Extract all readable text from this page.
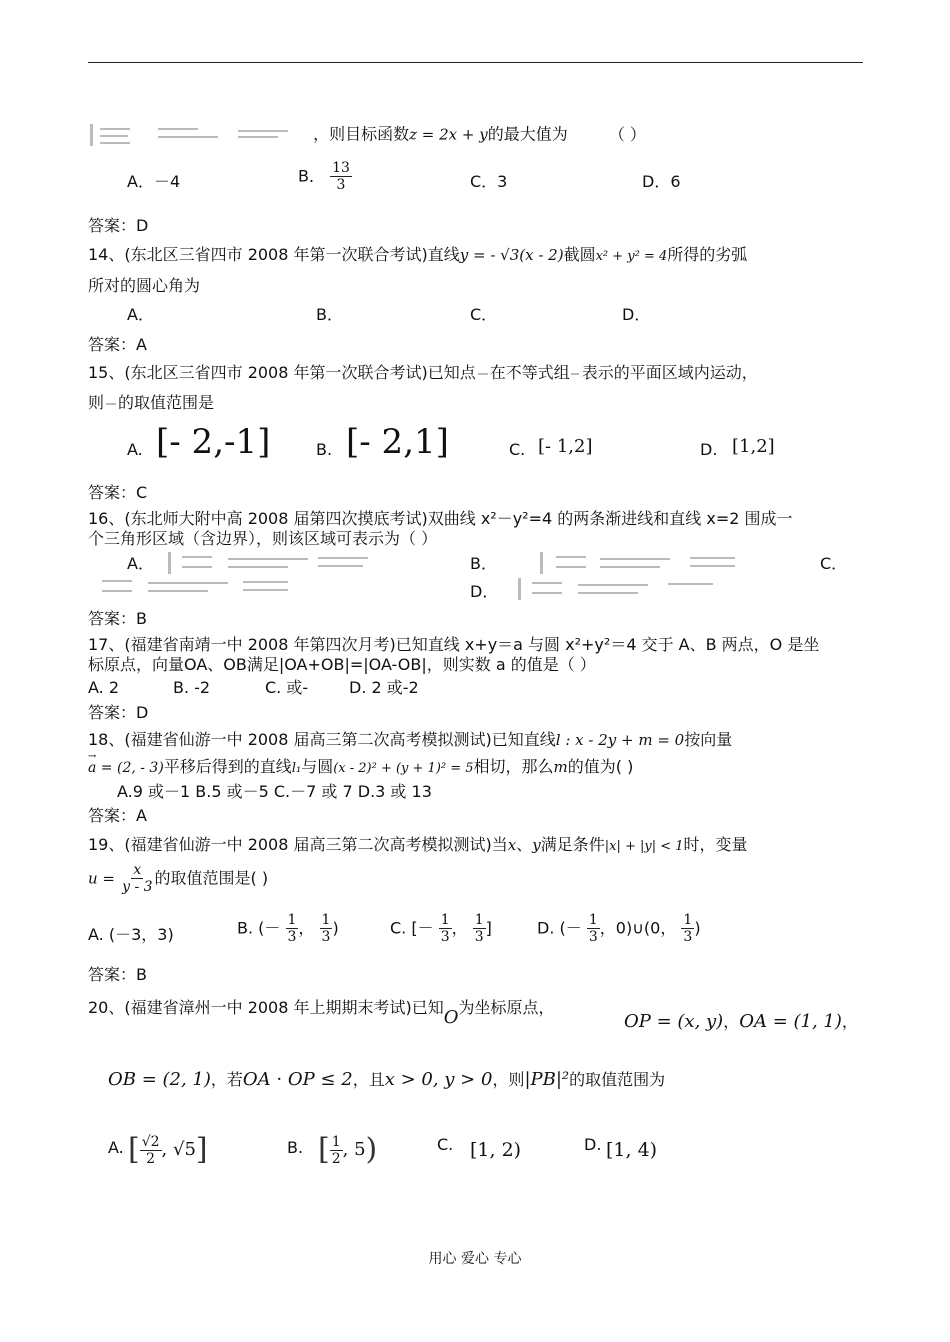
，则目标函数z = 2x + y的最大值为	（ ）
A．－4	B． $\frac{13}{3}$	C．3	D．6
答案：D
14、(东北区三省四市 2008 年第一次联合考试)直线y = - √3(x - 2)截圆x² + y² = 4所得的劣弧
所对的圆心角为
A．	B．	C．	D．
答案：A
15、(东北区三省四市 2008 年第一次联合考试)已知点 在不等式组 表示的平面区域内运动，
则 的取值范围是
A. [- 2,-1]	B. [- 2,1]	C. [- 1,2]	D. [1,2]
答案：C
16、(东北师大附中高 2008 届第四次摸底考试)双曲线 x²－y²=4 的两条渐进线和直线 x=2 围成一
个三角形区域（含边界），则该区域可表示为（ ）
A．	B．	C．
D．
答案：B
17、(福建省南靖一中 2008 年第四次月考)已知直线 x+y＝a 与圆 x²+y²＝4 交于 A、B 两点，O 是坐
标原点，向量OA、OB满足|OA+OB|=|OA-OB|，则实数 a 的值是（ ）
A. 2	B. -2	C. 或-	D. 2 或-2
答案：D
18、(福建省仙游一中 2008 届高三第二次高考模拟测试)已知直线l : x - 2y + m = 0按向量
→ a = (2, - 3)平移后得到的直线l₁与圆(x - 2)² + (y + 1)² = 5相切，那么m的值为( )
A.9 或－1 B.5 或－5 C.－7 或 7 D.3 或 13
答案：A
19、(福建省仙游一中 2008 届高三第二次高考模拟测试)当x、y满足条件|x| + |y| < 1时，变量
$u = \frac{x}{y - 3}$ 的取值范围是( )
A. (－3，3)	B. (－ $\frac{1}{3}$ ， $\frac{1}{3}$ )	C. [－ $\frac{1}{3}$ ， $\frac{1}{3}$ ]	D. (－ $\frac{1}{3}$ ，0)∪(0， $\frac{1}{3}$ )
答案：B
20、(福建省漳州一中 2008 年上期期末考试)已知O为坐标原点，
OP = (x, y)，OA = (1, 1)，
OB = (2, 1)，若OA · OP ≤ 2，且x > 0, y > 0，则|PB|²的取值范围为
A. [ $\frac{√2}{2}$ , √5]	B. [ $\frac{1}{2}$ , 5)	C. [1, 2)	D. [1, 4)
用心 爱心 专心
